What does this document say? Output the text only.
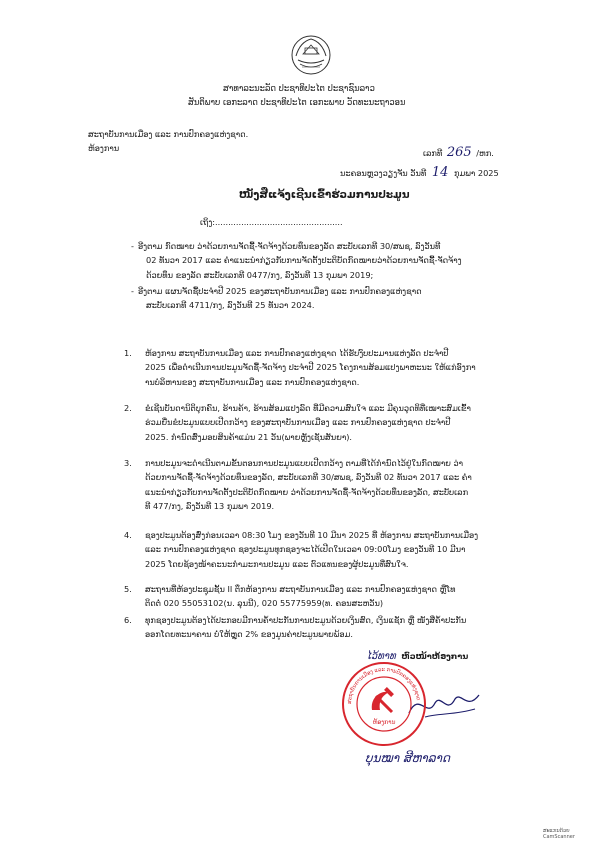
ສາທາລະນະລັດ ປະຊາທິປະໄຕ ປະຊາຊົນລາວ
ສັນຕິພາບ ເອກະລາດ ປະຊາທິປະໄຕ ເອກະພາບ ວັດທະນະຖາວອນ
ສະຖາບັນການເມືອງ ແລະ ການປົກຄອງແຫ່ງຊາດ.
ຫ້ອງການ	ເລກທີ 265 /ຫກ.
ນະຄອນຫຼວງວຽງຈັນ ວັນທີ 14 ກຸມພາ 2025
ໜັງສືແຈ້ງເຊີນເຂົ້າຮ່ວມການປະມູນ
ເຖິງ:.................................................
ອີງຕາມ ກົດໝາຍ ວ່າດ້ວຍການຈັດຊື້-ຈັດຈ້າງດ້ວຍທຶນຂອງລັດ ສະບັບເລກທີ 30/ສພຊ, ລົງວັນທີ
02 ທັນວາ 2017 ແລະ ຄຳແນະນຳກ່ຽວກັບການຈັດຕັ້ງປະຕິບັດກົດໝາຍວ່າດ້ວຍການຈັດຊື້-ຈັດຈ້າງ
ດ້ວຍທຶນ ຂອງລັດ ສະບັບເລກທີ 0477/ກງ, ລົງວັນທີ 13 ກຸມພາ 2019;
-
ອີງຕາມ ແຜນຈັດຊື້ປະຈຳປີ 2025 ຂອງສະຖາບັນການເມືອງ ແລະ ການປົກຄອງແຫ່ງຊາດ
ສະບັບເລກທີ 4711/ກງ, ລົງວັນທີ 25 ທັນວາ 2024.
-
1. ຫ້ອງການ ສະຖາບັນການເມືອງ ແລະ ການປົກຄອງແຫ່ງຊາດ ໄດ້ຮັບງົບປະມານແຫ່ງລັດ ປະຈຳປີ
2025 ເພື່ອດຳເນີນການປະມູນຈັດຊື້-ຈັດຈ້າງ ປະຈຳປີ 2025 ໂຄງການສ້ອມແປງພາຫະນະ ໃຫ້ແກ່ອົງກາ
ານບໍລິຫານຂອງ ສະຖາບັນການເມືອງ ແລະ ການປົກຄອງແຫ່ງຊາດ.
2. ຂໍເຊີນບັນດານິຕິບຸກຄົນ, ຮ້ານຄ້າ, ຮ້ານສ້ອມແປງລົດ ທີ່ມີຄວາມສົນໃຈ ແລະ ມີຄຸນວຸດທິທີ່ເໝາະສົມເຂົ້າ
ຮ່ວມຍື່ນຂໍປະມູນແບບເປີດກວ້າງ ຂອງສະຖາບັນການເມືອງ ແລະ ການປົກຄອງແຫ່ງຊາດ ປະຈຳປີ
2025. ກຳນົດສົ່ງມອບສິນຄ້າແມ່ນ 21 ວັນ(ພາຍຫຼັງເຊັນສັນຍາ).
3. ການປະມູນຈະດຳເນີນຕາມຂັ້ນຕອນການປະມູນແບບເປີດກວ້າງ ຕາມທີ່ໄດ້ກຳນົດໄວ້ຢູ່ໃນກົດໝາຍ ວ່າ
ດ້ວຍການຈັດຊື້-ຈັດຈ້າງດ້ວຍທຶນຂອງລັດ, ສະບັບເລກທີ 30/ສພຊ, ລົງວັນທີ 02 ທັນວາ 2017 ແລະ ຄຳ
ແນະນຳກ່ຽວກັບການຈັດຕັ້ງປະຕິບັດກົດໝາຍ ວ່າດ້ວຍການຈັດຊື້-ຈັດຈ້າງດ້ວຍທຶນຂອງລັດ, ສະບັບເລກ
ທີ 477/ກງ, ລົງວັນທີ 13 ກຸມພາ 2019.
4. ຊອງປະມູນຕ້ອງສົ່ງກ່ອນເວລາ 08:30 ໂມງ ຂອງວັນທີ 10 ມີນາ 2025 ທີ່ ຫ້ອງການ ສະຖາບັນການເມືອງ
ແລະ ການປົກຄອງແຫ່ງຊາດ ຊອງປະມູນທຸກຊອງຈະໄດ້ເປີດໃນເວລາ 09:00ໂມງ ຂອງວັນທີ 10 ມີນາ
2025 ໂດຍຊ້ອງໜ້າຄະນະກຳມະການປະມູນ ແລະ ຕົວແທນຂອງຜູ້ປະມູນທີ່ສົນໃຈ.
5. ສະຖານທີ່ຫ້ອງປະຊຸມຊັ້ນ II ຕຶກຫ້ອງການ ສະຖາບັນການເມືອງ ແລະ ການປົກຄອງແຫ່ງຊາດ ຫຼືໂທ
ຕິດຕໍ່ 020 55053102(ນ. ລຸນນີ), 020 55775959(ທ. ຄອນສະຫວັນ)
6. ທຸກຊອງປະມູນຕ້ອງໄດ້ປະກອບມີການຄ້ຳປະກັນການປະມູນດ້ວຍເງິນສົດ, ເງິນແຊັກ ຫຼື ໜັງສືຄ້ຳປະກັນ
ອອກໂດຍທະນາຄານ ບໍ່ໃຫ້ຫຼຸດ 2% ຂອງມູນຄ່າປະມູນພາຍພ້ອມ.
ໄວ້ທາທ ຫົວໜ້າຫ້ອງການ
ສະຖາບັນການເມືອງ ແລະ ການປົກຄອງແຫ່ງຊາດ
ຫ້ອງການ
ບຸນໝາ ສີຫາລາດ
ສະແກນດ້ວຍ CamScanner
